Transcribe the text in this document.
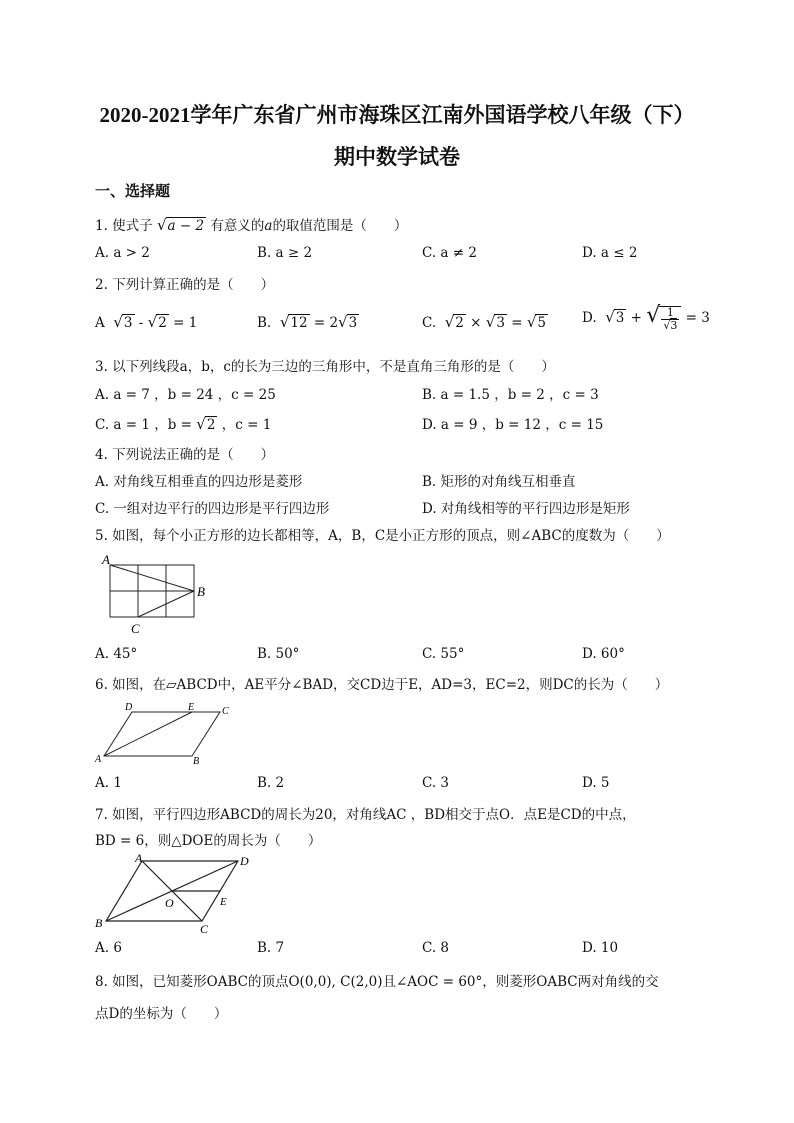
2020-2021学年广东省广州市海珠区江南外国语学校八年级（下）
期中数学试卷
一、选择题
1. 使式子 √a − 2 有意义的a的取值范围是（　　）
A. a > 2	B. a ≥ 2	C. a ≠ 2	D. a ≤ 2
2. 下列计算正确的是（　　）
A √3 - √2 = 1	B. √12 = 2√3	C. √2 × √3 = √5	D. √3 + √ $\frac{1}{√3} = 3$
3. 以下列线段a，b，c的长为三边的三角形中，不是直角三角形的是（　　）
A. a = 7 ，b = 24 ，c = 25	B. a = 1.5 ，b = 2 ，c = 3
C. a = 1 ，b = √2 ，c = 1	D. a = 9 ，b = 12 ，c = 15
4. 下列说法正确的是（　　）
A. 对角线互相垂直的四边形是菱形	B. 矩形的对角线互相垂直
C. 一组对边平行的四边形是平行四边形	D. 对角线相等的平行四边形是矩形
5. 如图，每个小正方形的边长都相等，A，B，C是小正方形的顶点，则∠ABC的度数为（　　）
A
B
C
A. 45°	B. 50°	C. 55°	D. 60°
6. 如图，在▱ABCD中，AE平分∠BAD，交CD边于E，AD=3，EC=2，则DC的长为（　　）
A	B
C
D	E
A. 1	B. 2	C. 3	D. 5
7. 如图，平行四边形ABCD的周长为20，对角线AC ，BD相交于点O．点E是CD的中点，
BD = 6，则△DOE的周长为（　　）
A
B	C
D
E
O
A. 6	B. 7	C. 8	D. 10
8. 如图，已知菱形OABC的顶点O(0,0), C(2,0)且∠AOC = 60°，则菱形OABC两对角线的交
点D的坐标为（　　）
